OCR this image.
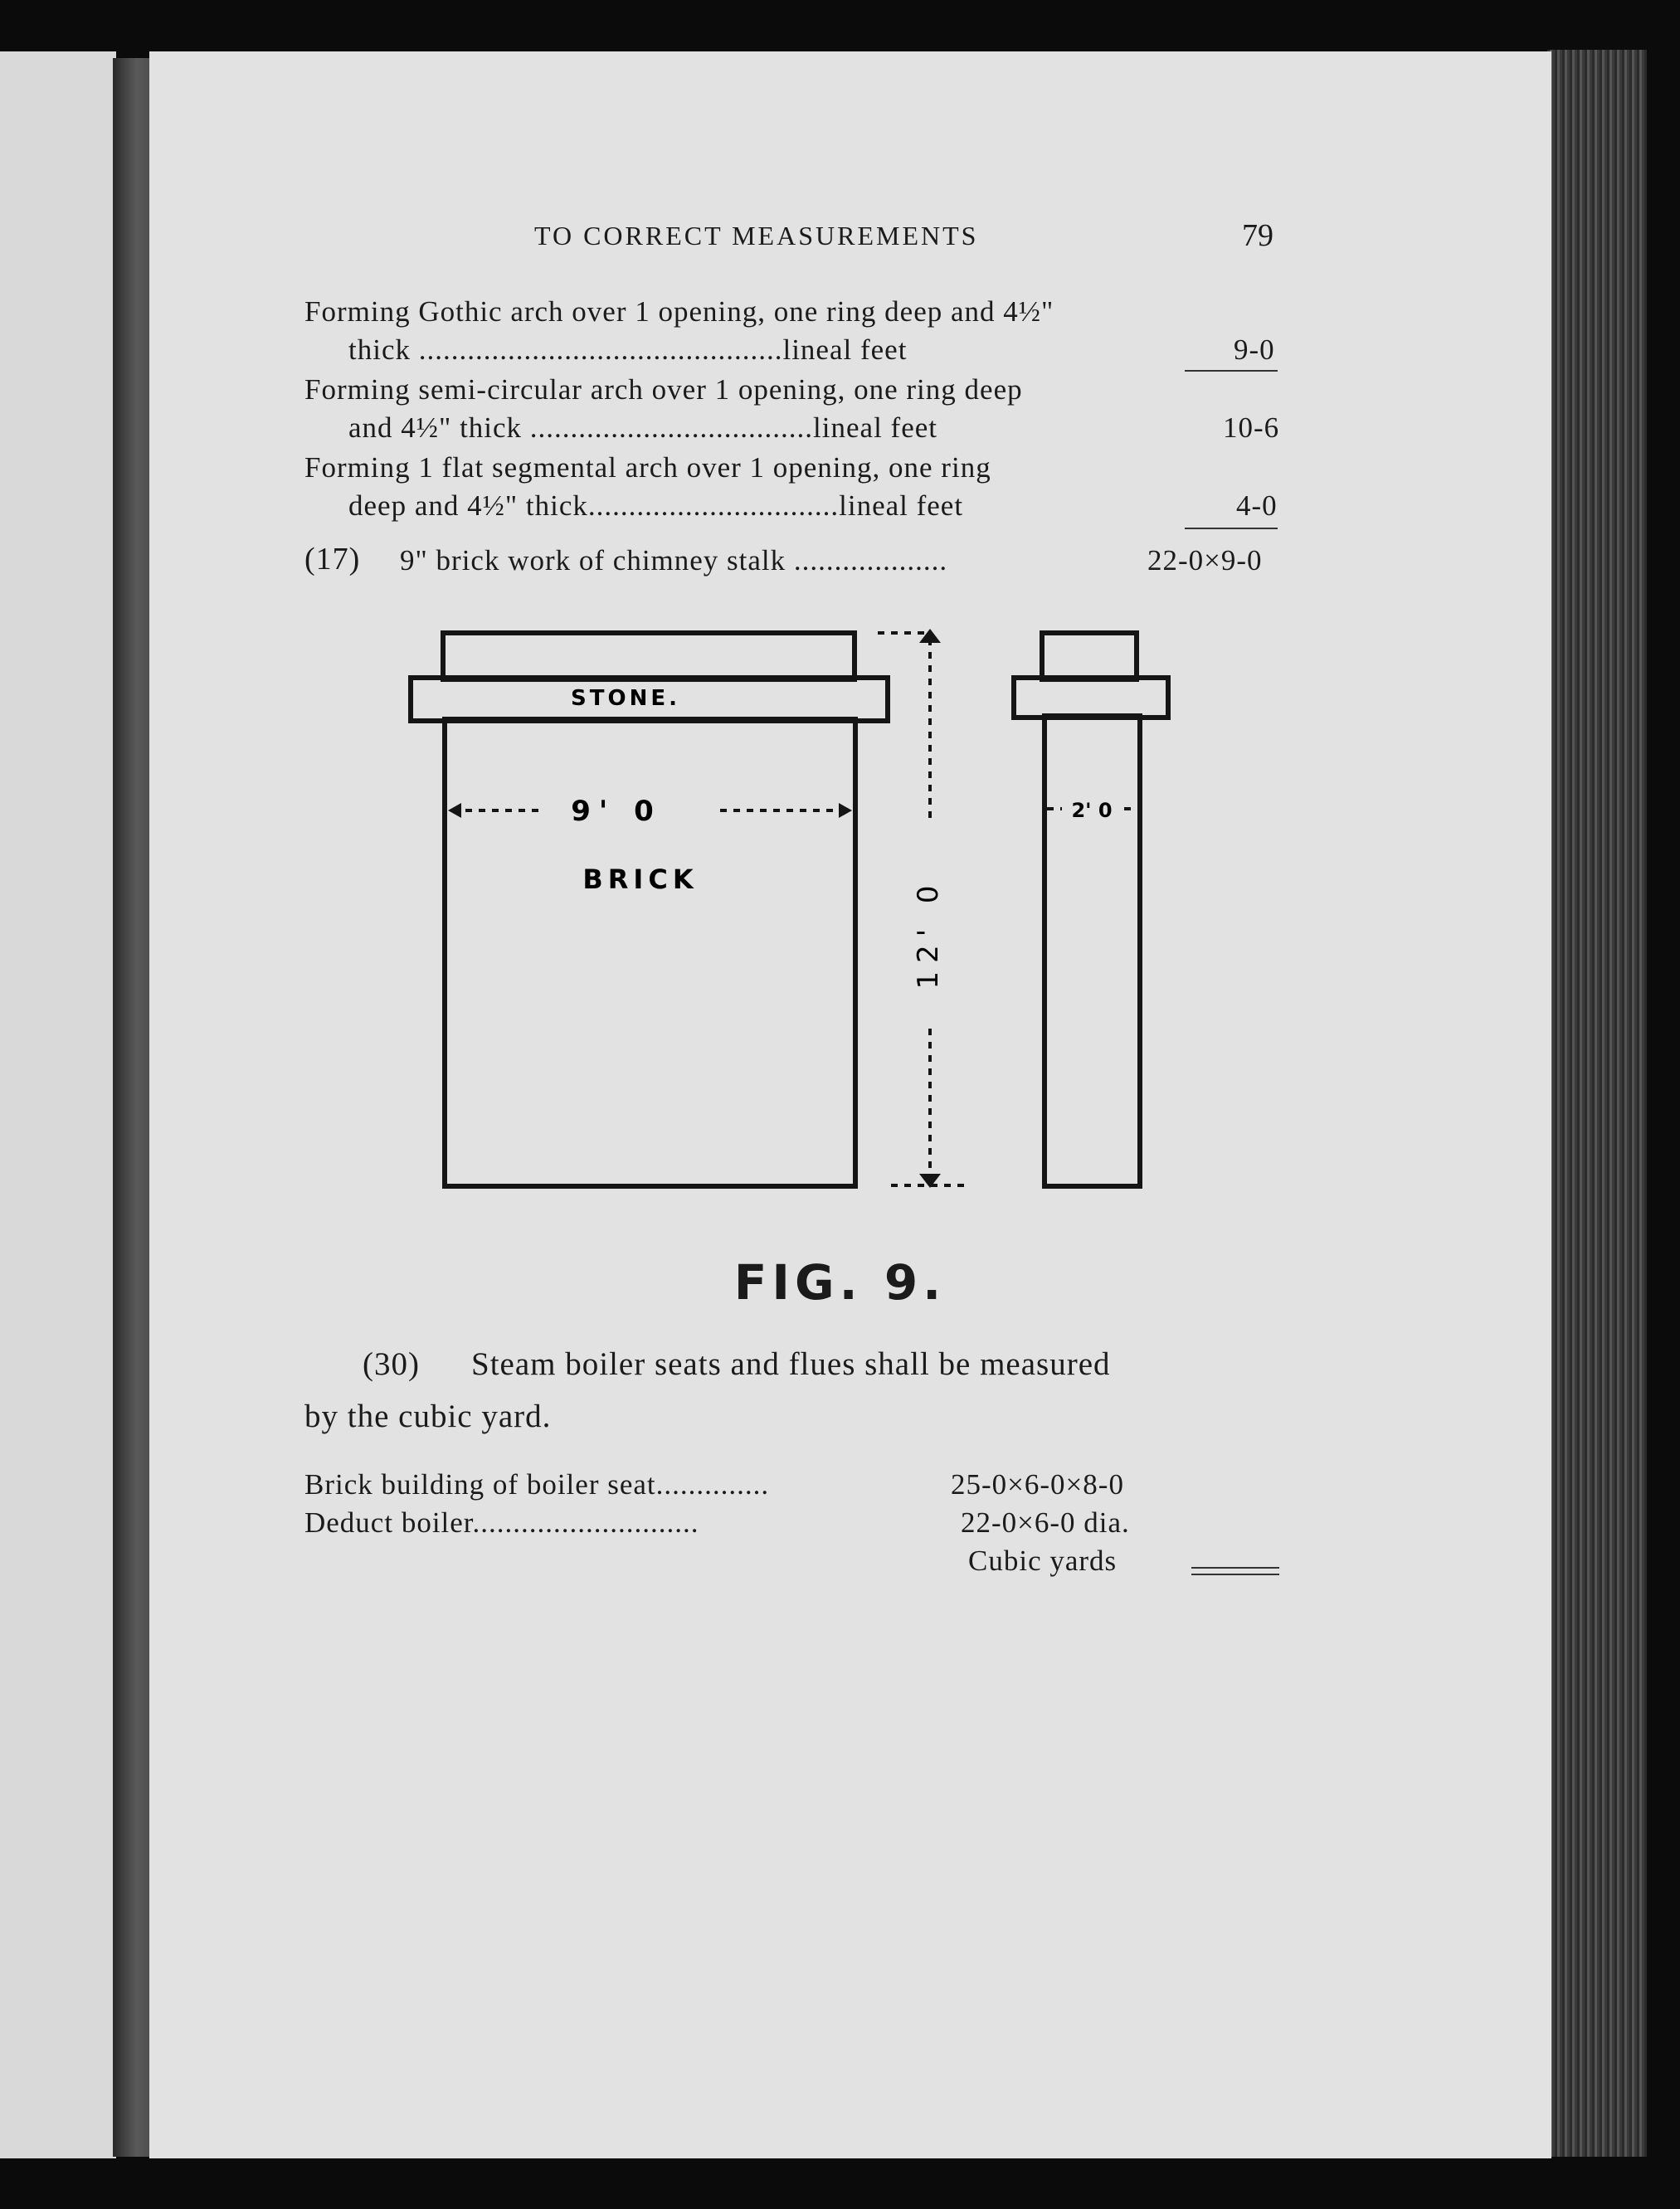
TO CORRECT MEASUREMENTS	79
Forming Gothic arch over 1 opening, one ring deep and 4½"
thick .............................................lineal feet	9-0
Forming semi-circular arch over 1 opening, one ring deep
and 4½" thick ...................................lineal feet	10-6
Forming 1 flat segmental arch over 1 opening, one ring
deep and 4½" thick...............................lineal feet	4-0
(17) 9" brick work of chimney stalk ...................	22-0×9-0
STONE.
BRICK
9' 0
12' 0
2' 0
FIG. 9.
(30) Steam boiler seats and flues shall be measured
by the cubic yard.
Brick building of boiler seat..............	25-0×6-0×8-0
Deduct boiler............................	22-0×6-0 dia.
Cubic yards
